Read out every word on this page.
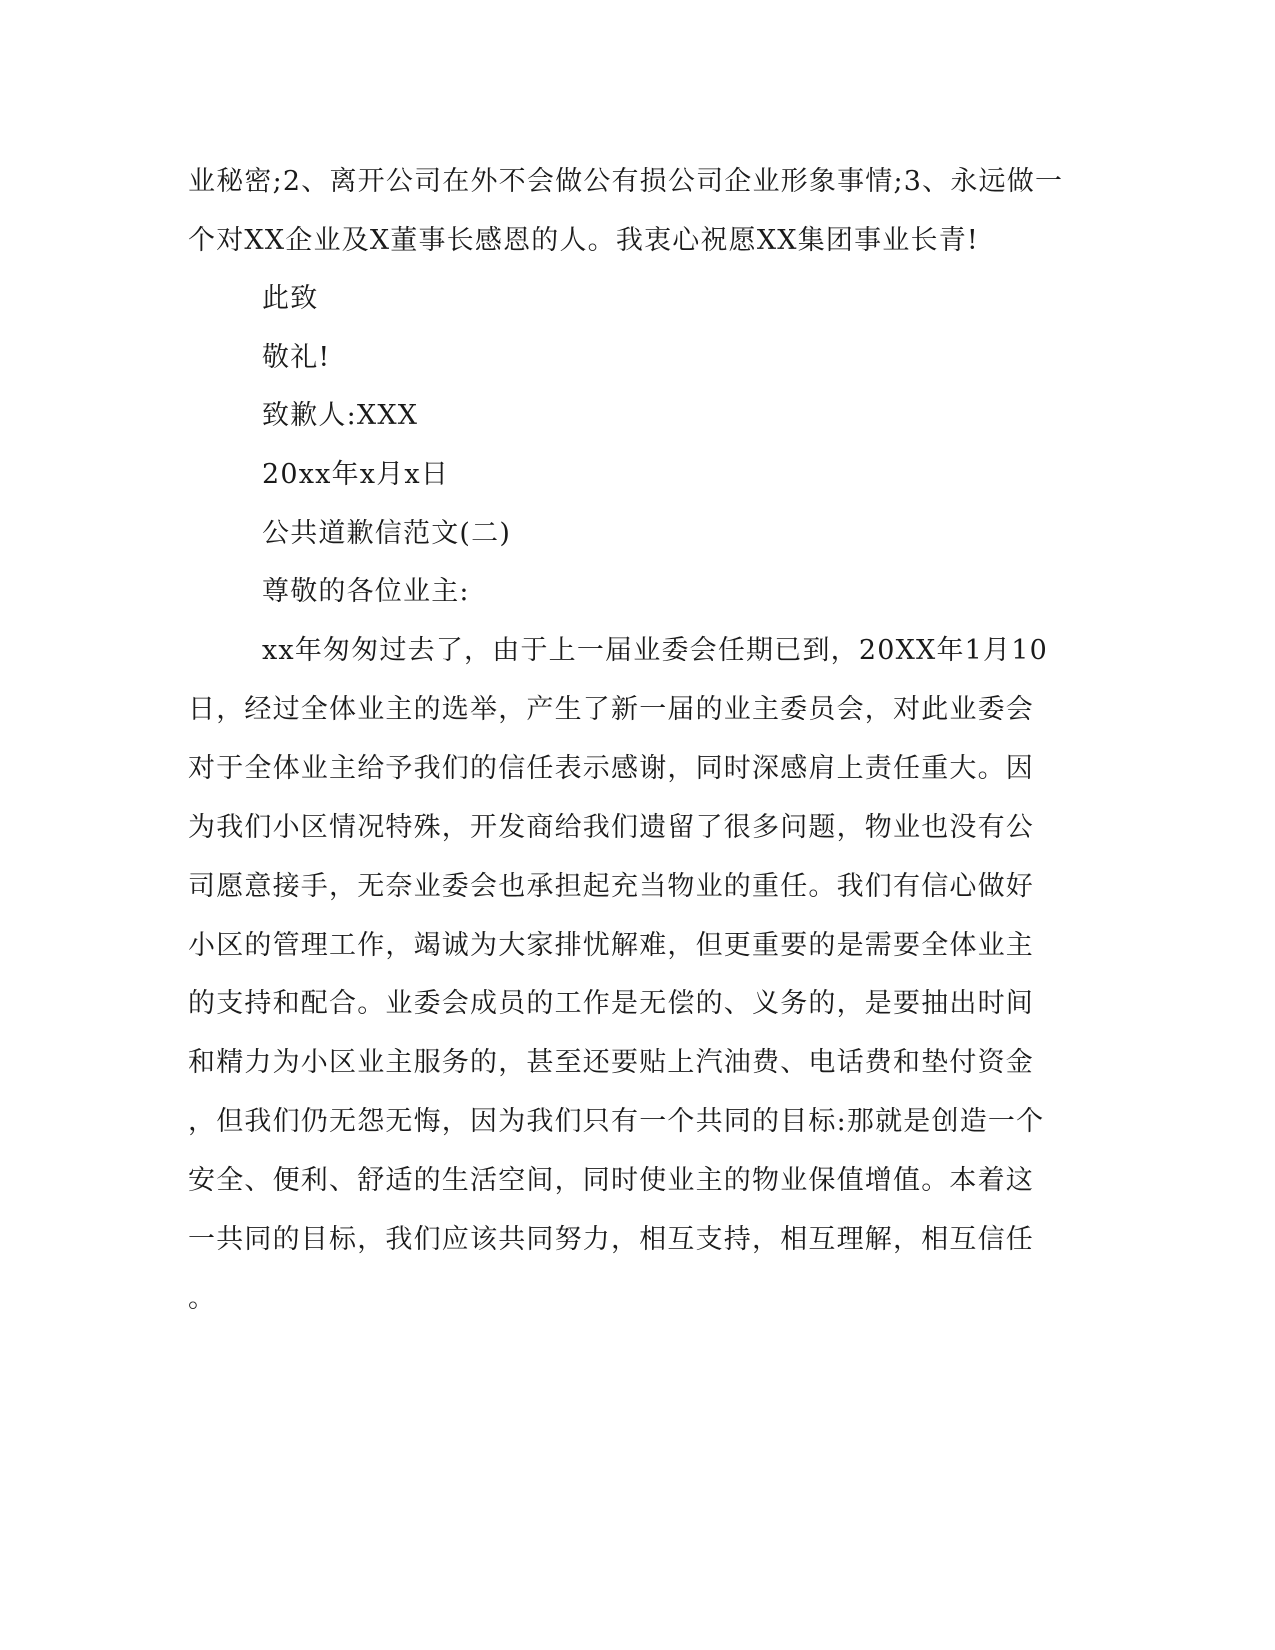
业秘密;2、离开公司在外不会做公有损公司企业形象事情;3、永远做一
个对XX企业及X董事长感恩的人。我衷心祝愿XX集团事业长青!
此致
敬礼!
致歉人:XXX
20xx年x月x日
公共道歉信范文(二)
尊敬的各位业主:
xx年匆匆过去了，由于上一届业委会任期已到，20XX年1月10
日，经过全体业主的选举，产生了新一届的业主委员会，对此业委会
对于全体业主给予我们的信任表示感谢，同时深感肩上责任重大。因
为我们小区情况特殊，开发商给我们遗留了很多问题，物业也没有公
司愿意接手，无奈业委会也承担起充当物业的重任。我们有信心做好
小区的管理工作，竭诚为大家排忧解难，但更重要的是需要全体业主
的支持和配合。业委会成员的工作是无偿的、义务的，是要抽出时间
和精力为小区业主服务的，甚至还要贴上汽油费、电话费和垫付资金
，但我们仍无怨无悔，因为我们只有一个共同的目标:那就是创造一个
安全、便利、舒适的生活空间，同时使业主的物业保值增值。本着这
一共同的目标，我们应该共同努力，相互支持，相互理解，相互信任
。
